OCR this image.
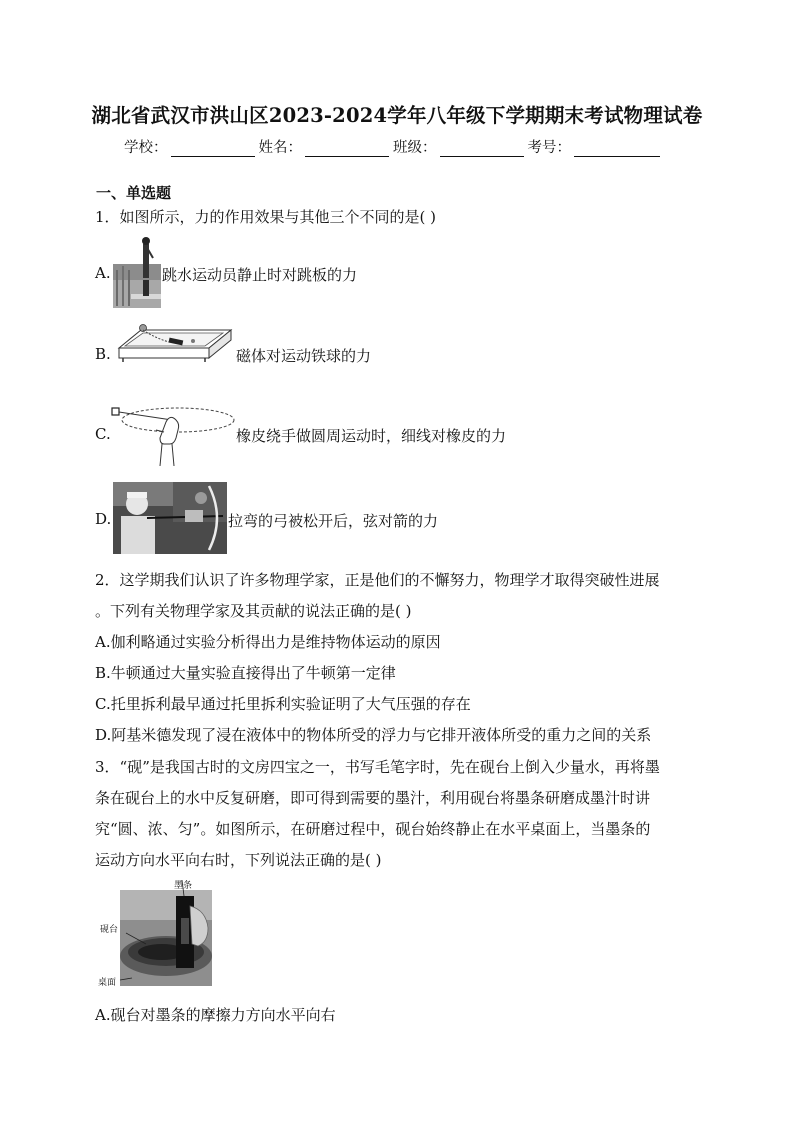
湖北省武汉市洪山区2023-2024学年八年级下学期期末考试物理试卷
学校：	姓名：	班级：	考号：
一、单选题
1．如图所示，力的作用效果与其他三个不同的是( )
A.	跳水运动员静止时对跳板的力
B.	磁体对运动铁球的力
C.	橡皮绕手做圆周运动时，细线对橡皮的力
D.	拉弯的弓被松开后，弦对箭的力
2．这学期我们认识了许多物理学家，正是他们的不懈努力，物理学才取得突破性进展
。下列有关物理学家及其贡献的说法正确的是( )
A.伽利略通过实验分析得出力是维持物体运动的原因
B.牛顿通过大量实验直接得出了牛顿第一定律
C.托里拆利最早通过托里拆利实验证明了大气压强的存在
D.阿基米德发现了浸在液体中的物体所受的浮力与它排开液体所受的重力之间的关系
3．“砚”是我国古时的文房四宝之一，书写毛笔字时，先在砚台上倒入少量水，再将墨
条在砚台上的水中反复研磨，即可得到需要的墨汁，利用砚台将墨条研磨成墨汁时讲
究“圆、浓、匀”。如图所示，在研磨过程中，砚台始终静止在水平桌面上，当墨条的
运动方向水平向右时，下列说法正确的是( )
墨条
砚台
桌面
A.砚台对墨条的摩擦力方向水平向右
